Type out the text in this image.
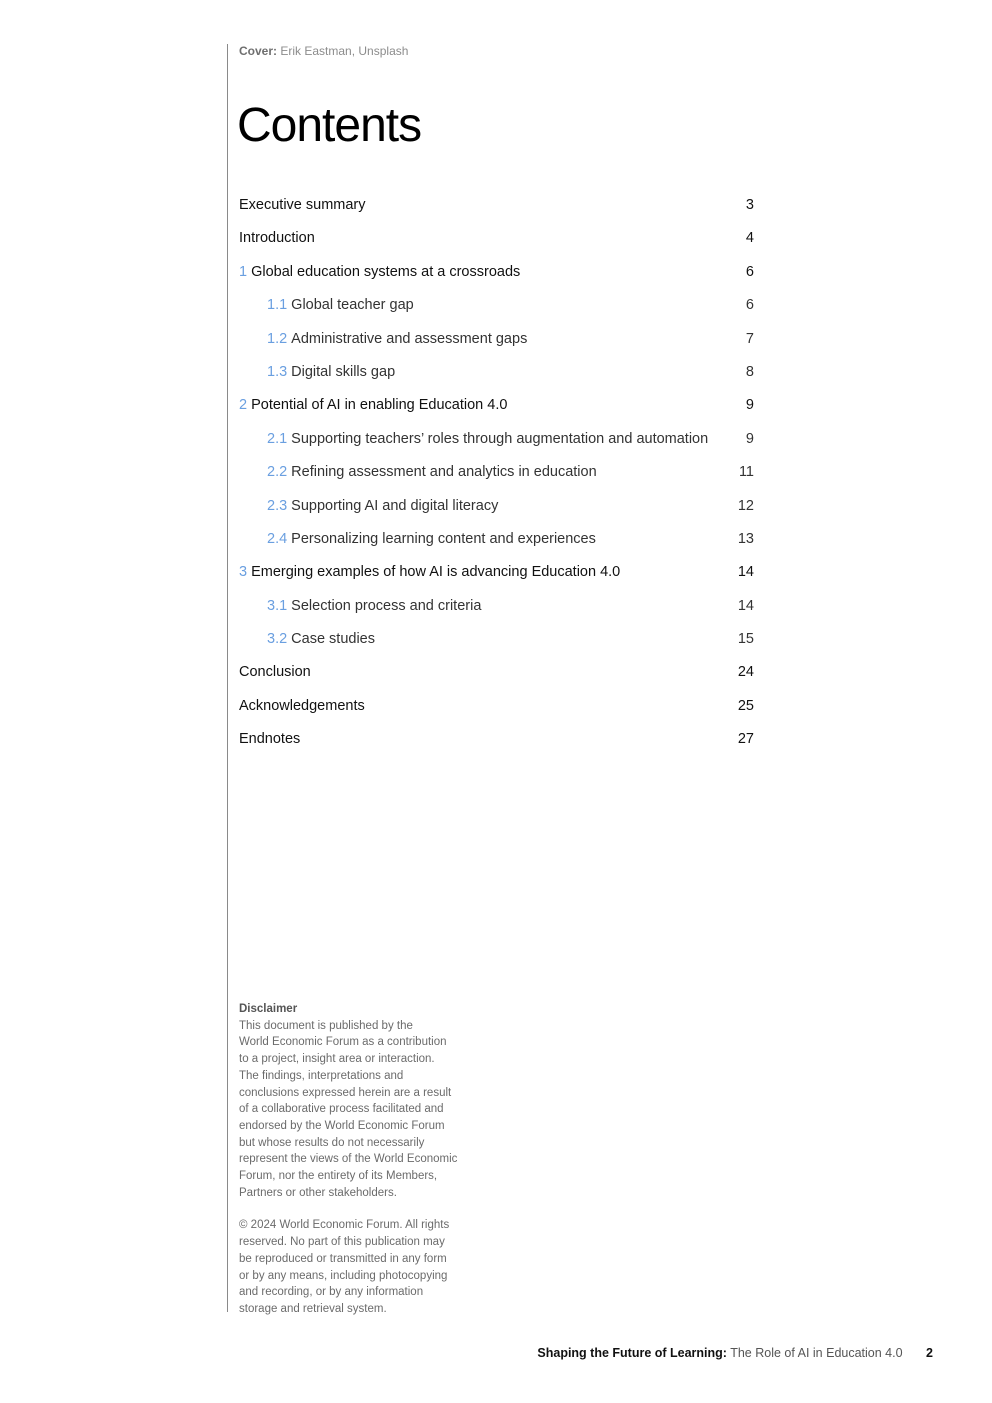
Cover: Erik Eastman, Unsplash
Contents
Executive summary	3
Introduction	4
1 Global education systems at a crossroads	6
1.1 Global teacher gap	6
1.2 Administrative and assessment gaps	7
1.3 Digital skills gap	8
2 Potential of AI in enabling Education 4.0	9
2.1 Supporting teachers’ roles through augmentation and automation	9
2.2 Refining assessment and analytics in education	11
2.3 Supporting AI and digital literacy	12
2.4 Personalizing learning content and experiences	13
3 Emerging examples of how AI is advancing Education 4.0	14
3.1 Selection process and criteria	14
3.2 Case studies	15
Conclusion	24
Acknowledgements	25
Endnotes	27

Disclaimer

This document is published by the

World Economic Forum as a contribution

to a project, insight area or interaction.

The findings, interpretations and

conclusions expressed herein are a result

of a collaborative process facilitated and

endorsed by the World Economic Forum

but whose results do not necessarily

represent the views of the World Economic

Forum, nor the entirety of its Members,

Partners or other stakeholders.

© 2024 World Economic Forum. All rights

reserved. No part of this publication may

be reproduced or transmitted in any form

or by any means, including photocopying

and recording, or by any information

storage and retrieval system.

Shaping the Future of Learning: The Role of AI in Education 4.0 2
